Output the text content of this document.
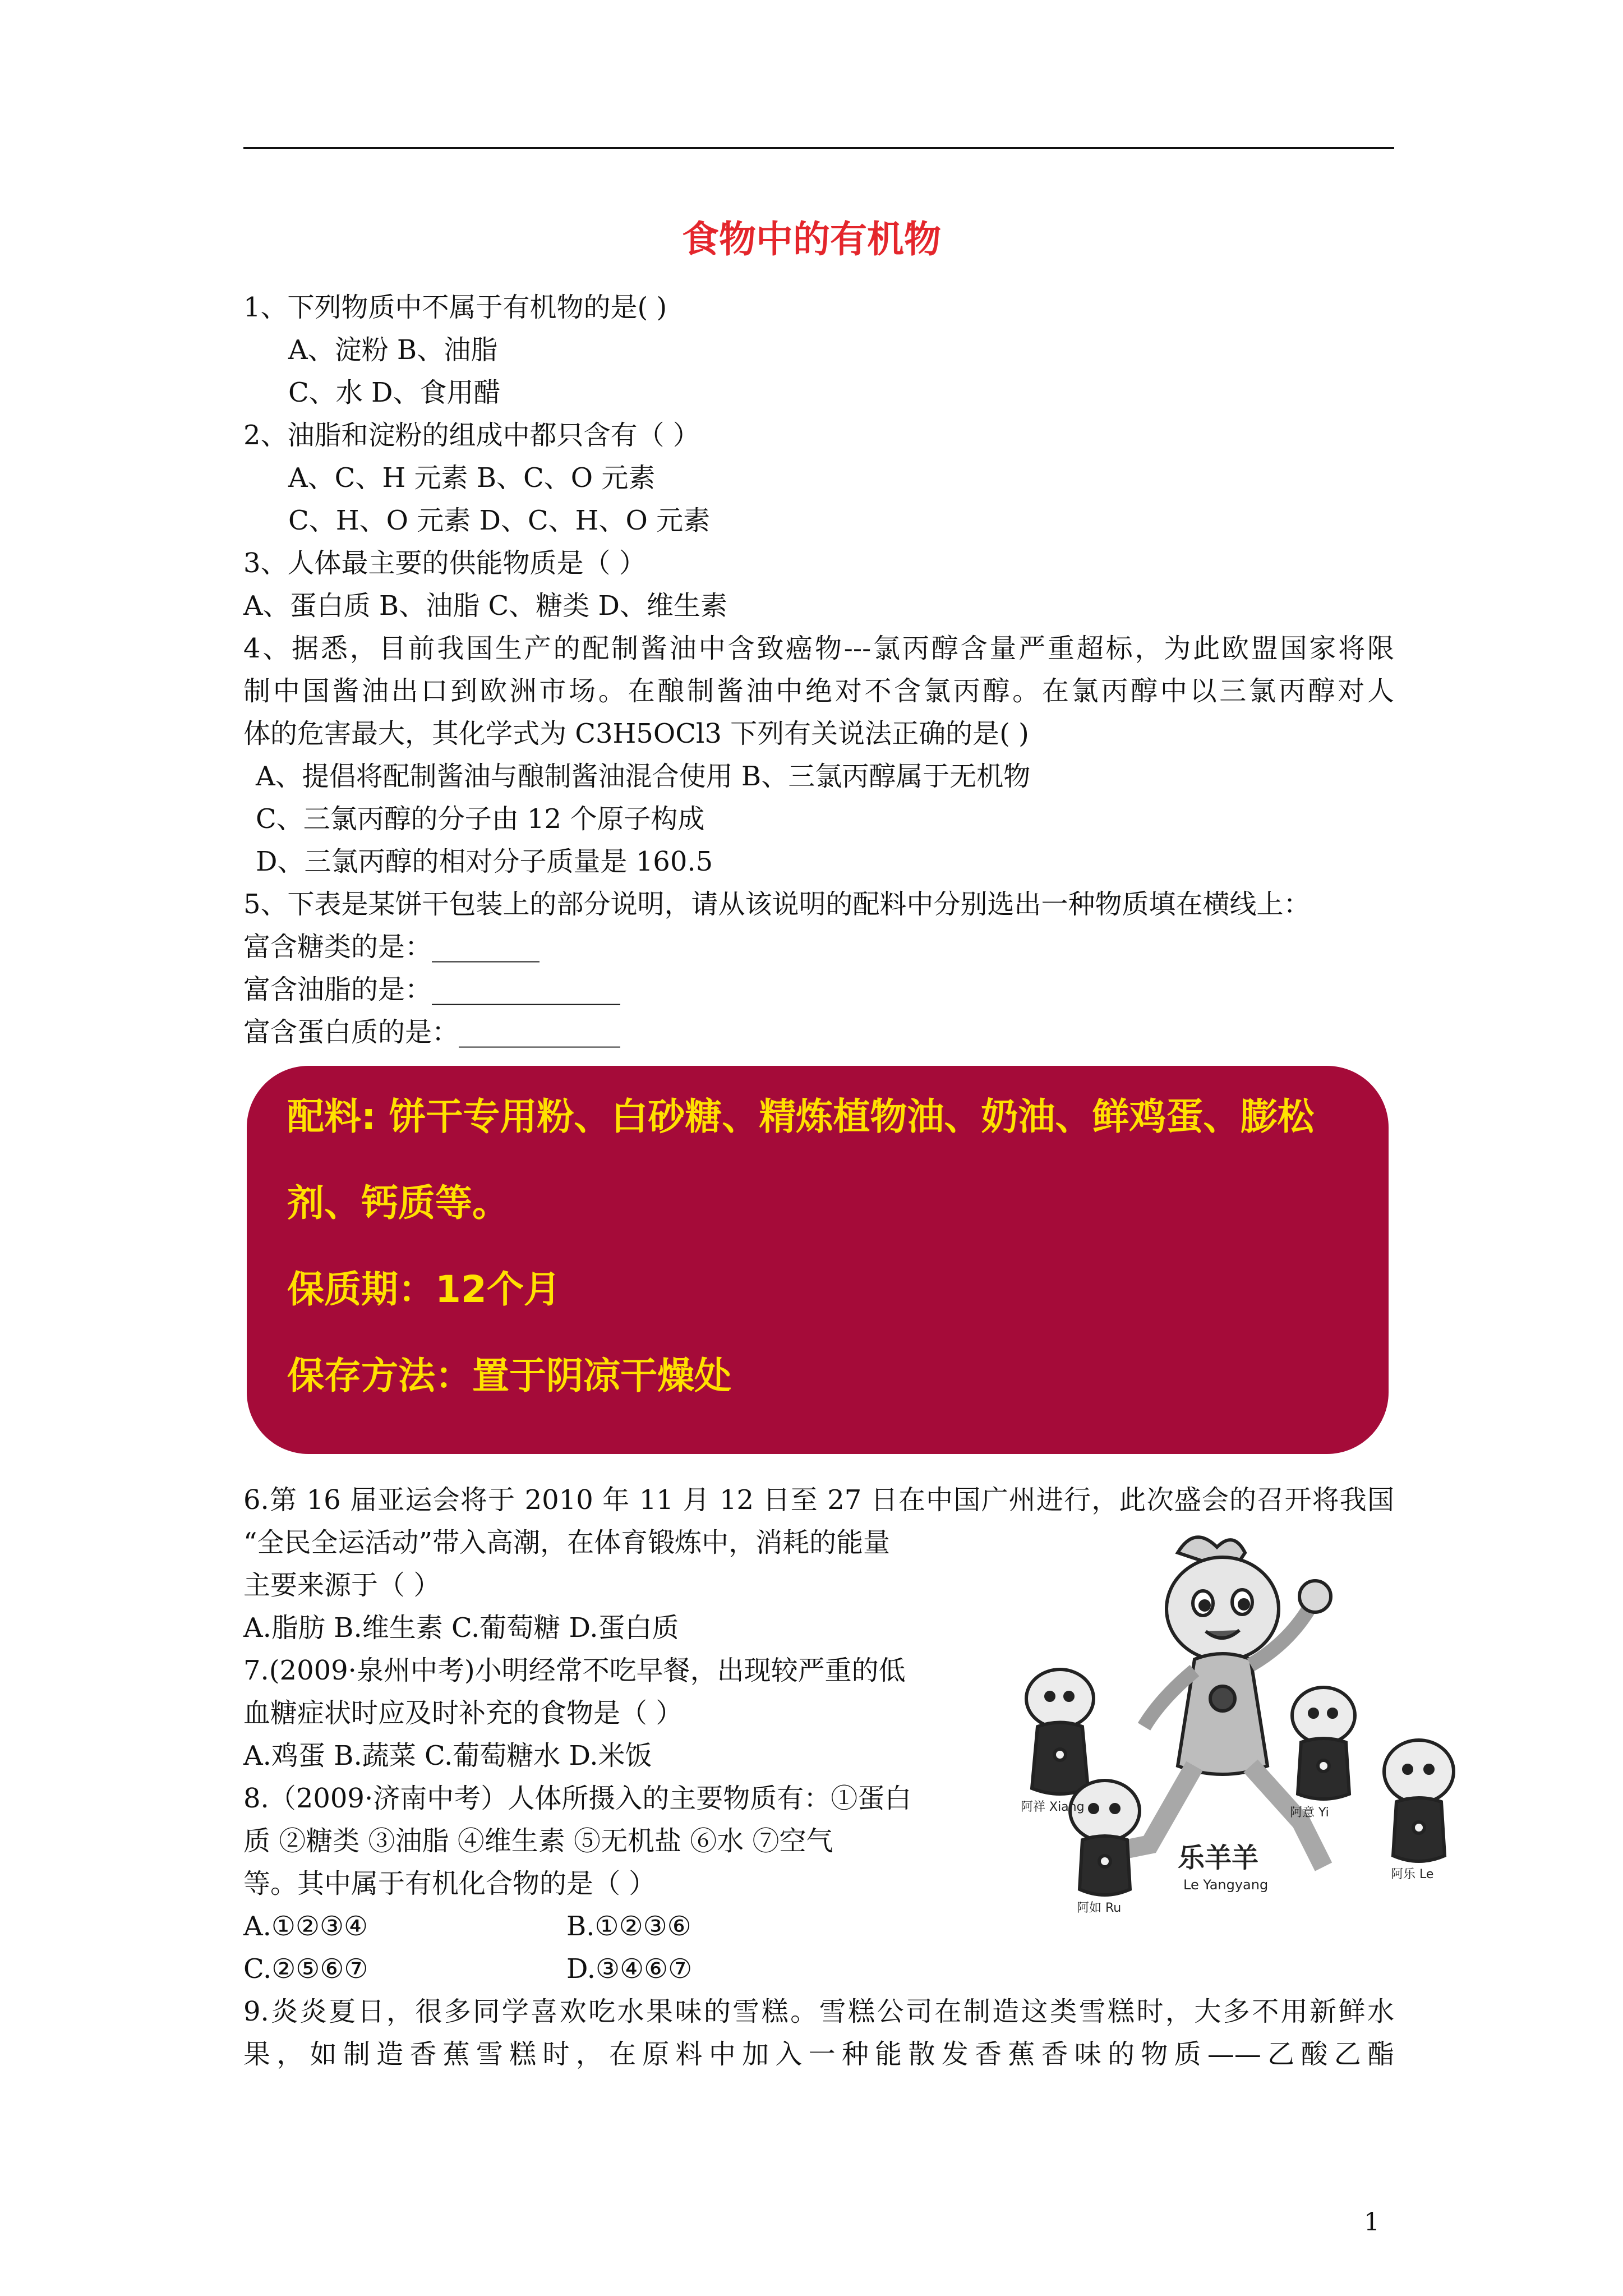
食物中的有机物
1、下列物质中不属于有机物的是( )
A、淀粉 B、油脂
C、水 D、食用醋
2、油脂和淀粉的组成中都只含有（ ）
A、C、H 元素 B、C、O 元素
C、H、O 元素 D、C、H、O 元素
3、人体最主要的供能物质是（ ）
A、蛋白质 B、油脂 C、糖类 D、维生素
4、据悉，目前我国生产的配制酱油中含致癌物---氯丙醇含量严重超标，为此欧盟国家将限
制中国酱油出口到欧洲市场。在酿制酱油中绝对不含氯丙醇。在氯丙醇中以三氯丙醇对人
体的危害最大，其化学式为 C3H5OCl3 下列有关说法正确的是( )
A、提倡将配制酱油与酿制酱油混合使用 B、三氯丙醇属于无机物
C、三氯丙醇的分子由 12 个原子构成
D、三氯丙醇的相对分子质量是 160.5
5、下表是某饼干包装上的部分说明，请从该说明的配料中分别选出一种物质填在横线上：
富含糖类的是：________
富含油脂的是：______________
富含蛋白质的是：____________
配料: 饼干专用粉、白砂糖、精炼植物油、奶油、鲜鸡蛋、膨松
剂、钙质等。
保质期：12个月
保存方法：置于阴凉干燥处
6.第 16 届亚运会将于 2010 年 11 月 12 日至 27 日在中国广州进行，此次盛会的召开将我国
“全民全运活动”带入高潮，在体育锻炼中，消耗的能量
主要来源于（ ）
A.脂肪 B.维生素 C.葡萄糖 D.蛋白质
7.(2009·泉州中考)小明经常不吃早餐，出现较严重的低
血糖症状时应及时补充的食物是（ ）
A.鸡蛋 B.蔬菜 C.葡萄糖水 D.米饭
8.（2009·济南中考）人体所摄入的主要物质有：①蛋白
质 ②糖类 ③油脂 ④维生素 ⑤无机盐 ⑥水 ⑦空气
等。其中属于有机化合物的是（ ）
A.①②③④	B.①②③⑥
C.②⑤⑥⑦	D.③④⑥⑦
9.炎炎夏日，很多同学喜欢吃水果味的雪糕。雪糕公司在制造这类雪糕时，大多不用新鲜水
果，如制造香蕉雪糕时，在原料中加入一种能散发香蕉香味的物质——乙酸乙酯
乐羊羊
Le Yangyang
阿祥 Xiang
阿如 Ru
阿意 Yi
阿乐 Le
1
